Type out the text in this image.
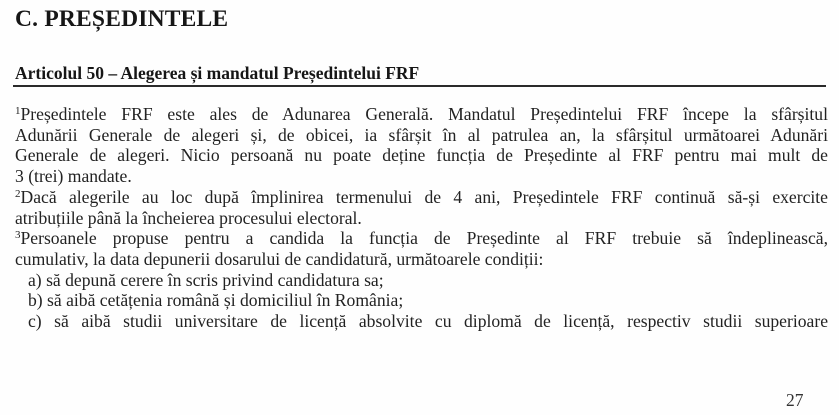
C. PREȘEDINTELE
Articolul 50 – Alegerea și mandatul Președintelui FRF

$^1$Președintele FRF este ales de Adunarea Generală. Mandatul Președintelui FRF începe la sfârșitul
Adunării Generale de alegeri și, de obicei, ia sfârșit în al patrulea an, la sfârșitul următoarei Adunări
Generale de alegeri. Nicio persoană nu poate deține funcția de Președinte al FRF pentru mai mult de
3 (trei) mandate.

$^2$Dacă alegerile au loc după împlinirea termenului de 4 ani, Președintele FRF continuă să-și exercite
atribuțiile până la încheierea procesului electoral.

$^3$Persoanele propuse pentru a candida la funcția de Președinte al FRF trebuie să îndeplinească,
cumulativ, la data depunerii dosarului de candidatură, următoarele condiții:
a) să depună cerere în scris privind candidatura sa;
b) să aibă cetățenia română și domiciliul în România;
c) să aibă studii universitare de licență absolvite cu diplomă de licență, respectiv studii superioare

27
